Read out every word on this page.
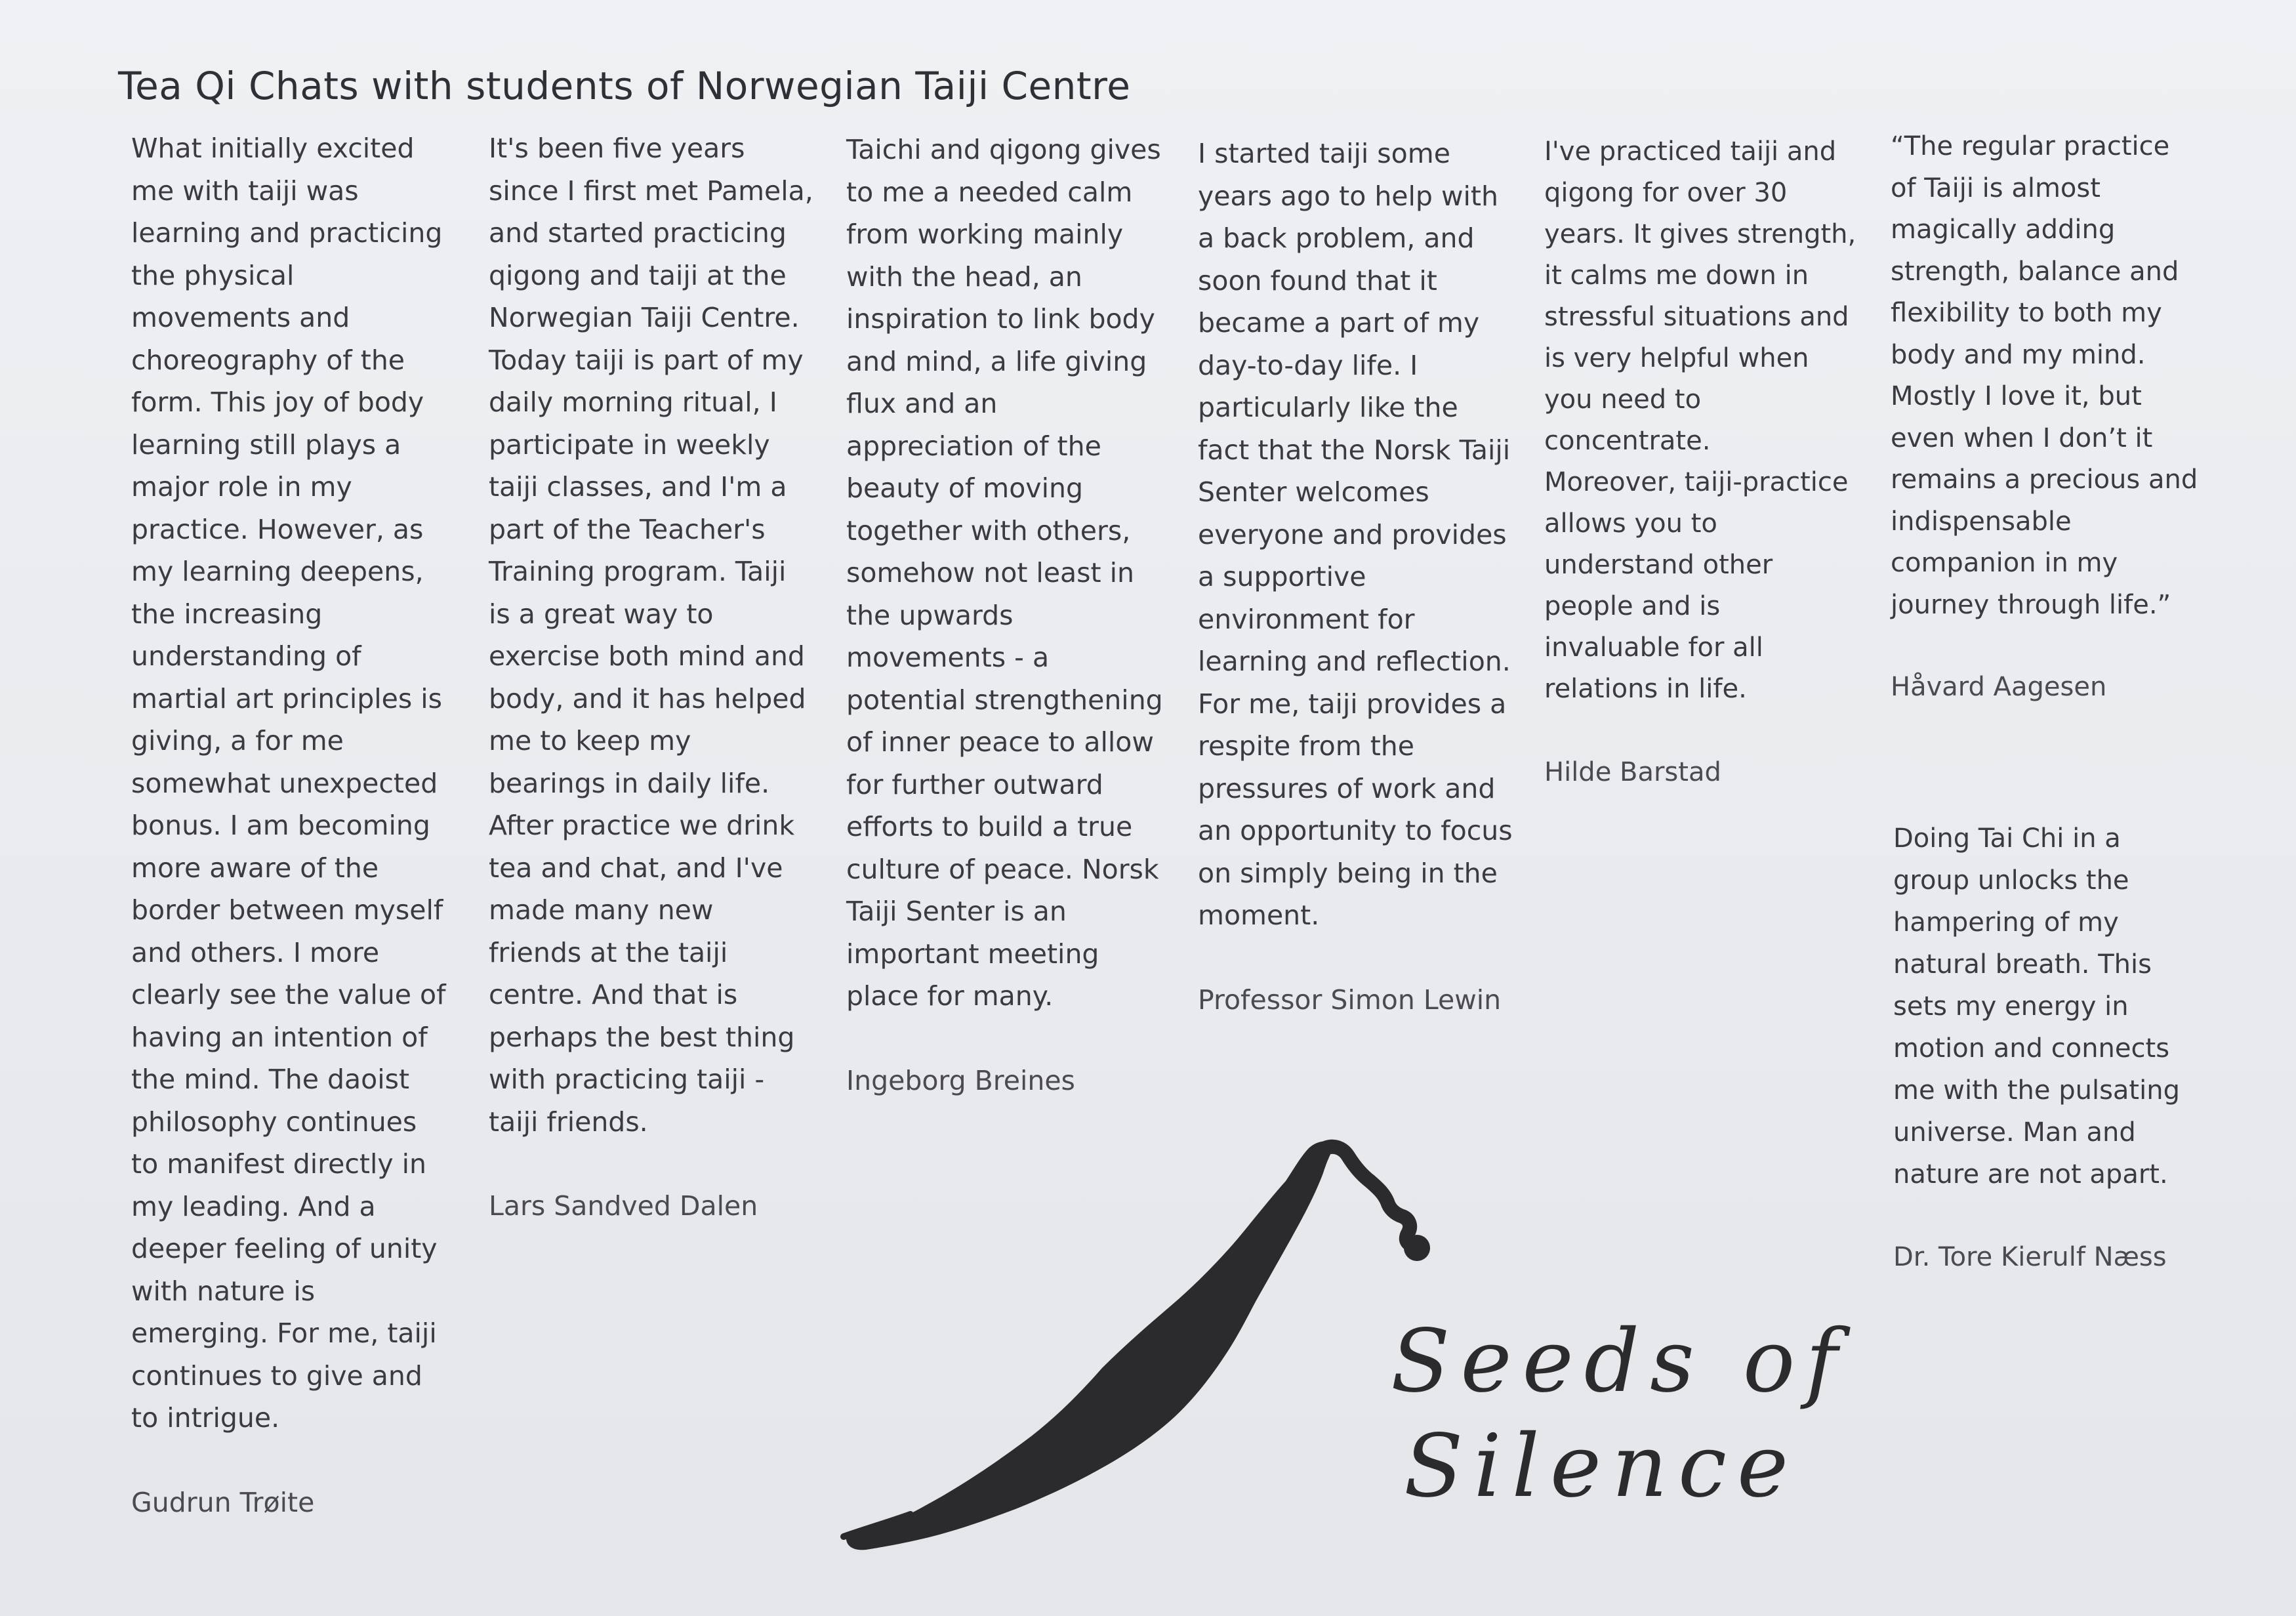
Tea Qi Chats with students of Norwegian Taiji Centre

What initially excited
me with taiji was
learning and practicing
the physical
movements and
choreography of the
form. This joy of body
learning still plays a
major role in my
practice. However, as
my learning deepens,
the increasing
understanding of
martial art principles is
giving, a for me
somewhat unexpected
bonus. I am becoming
more aware of the
border between myself
and others. I more
clearly see the value of
having an intention of
the mind. The daoist
philosophy continues
to manifest directly in
my leading. And a
deeper feeling of unity
with nature is
emerging. For me, taiji
continues to give and
to intrigue.

Gudrun Trøite

It's been five years
since I first met Pamela,
and started practicing
qigong and taiji at the
Norwegian Taiji Centre.
Today taiji is part of my
daily morning ritual, I
participate in weekly
taiji classes, and I'm a
part of the Teacher's
Training program. Taiji
is a great way to
exercise both mind and
body, and it has helped
me to keep my
bearings in daily life.
After practice we drink
tea and chat, and I've
made many new
friends at the taiji
centre. And that is
perhaps the best thing
with practicing taiji -
taiji friends.

Lars Sandved Dalen

Taichi and qigong gives
to me a needed calm
from working mainly
with the head, an
inspiration to link body
and mind, a life giving
flux and an
appreciation of the
beauty of moving
together with others,
somehow not least in
the upwards
movements - a
potential strengthening
of inner peace to allow
for further outward
efforts to build a true
culture of peace. Norsk
Taiji Senter is an
important meeting
place for many.

Ingeborg Breines

I started taiji some
years ago to help with
a back problem, and
soon found that it
became a part of my
day-to-day life. I
particularly like the
fact that the Norsk Taiji
Senter welcomes
everyone and provides
a supportive
environment for
learning and reflection.
For me, taiji provides a
respite from the
pressures of work and
an opportunity to focus
on simply being in the
moment.

Professor Simon Lewin

I've practiced taiji and
qigong for over 30
years. It gives strength,
it calms me down in
stressful situations and
is very helpful when
you need to
concentrate.
Moreover, taiji-practice
allows you to
understand other
people and is
invaluable for all
relations in life.

Hilde Barstad

“The regular practice
of Taiji is almost
magically adding
strength, balance and
flexibility to both my
body and my mind.
Mostly I love it, but
even when I don’t it
remains a precious and
indispensable
companion in my
journey through life.”

Håvard Aagesen

Doing Tai Chi in a
group unlocks the
hampering of my
natural breath. This
sets my energy in
motion and connects
me with the pulsating
universe. Man and
nature are not apart.

Dr. Tore Kierulf Næss

Seeds of
Silence
